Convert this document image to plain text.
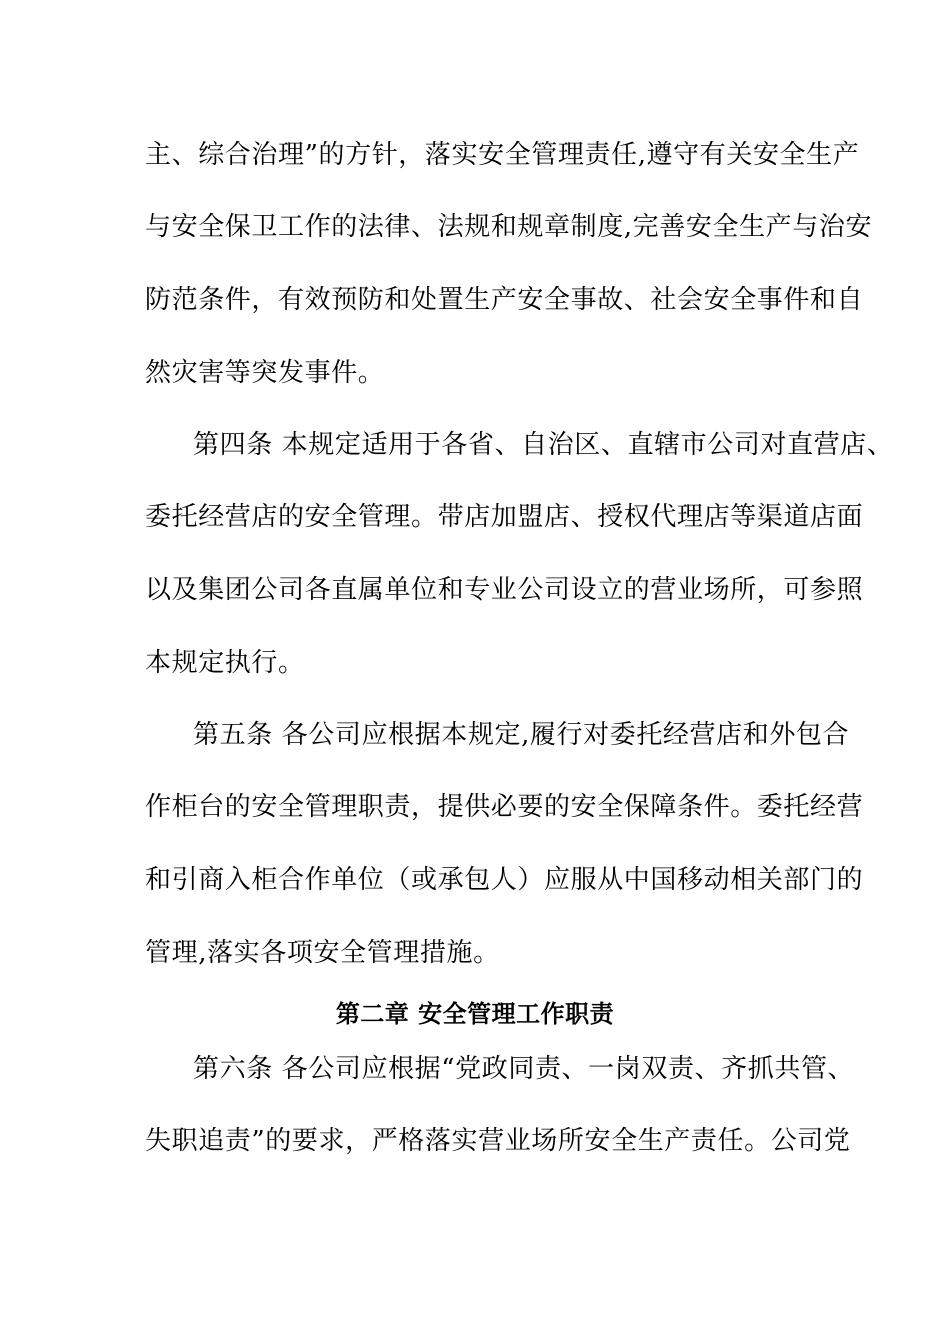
主、综合治理”的方针，落实安全管理责任,遵守有关安全生产
与安全保卫工作的法律、法规和规章制度,完善安全生产与治安
防范条件，有效预防和处置生产安全事故、社会安全事件和自
然灾害等突发事件。
第四条 本规定适用于各省、自治区、直辖市公司对直营店、
委托经营店的安全管理。带店加盟店、授权代理店等渠道店面
以及集团公司各直属单位和专业公司设立的营业场所，可参照
本规定执行。
第五条 各公司应根据本规定,履行对委托经营店和外包合
作柜台的安全管理职责，提供必要的安全保障条件。委托经营
和引商入柜合作单位（或承包人）应服从中国移动相关部门的
管理,落实各项安全管理措施。
第二章 安全管理工作职责
第六条 各公司应根据“党政同责、一岗双责、齐抓共管、
失职追责”的要求，严格落实营业场所安全生产责任。公司党
